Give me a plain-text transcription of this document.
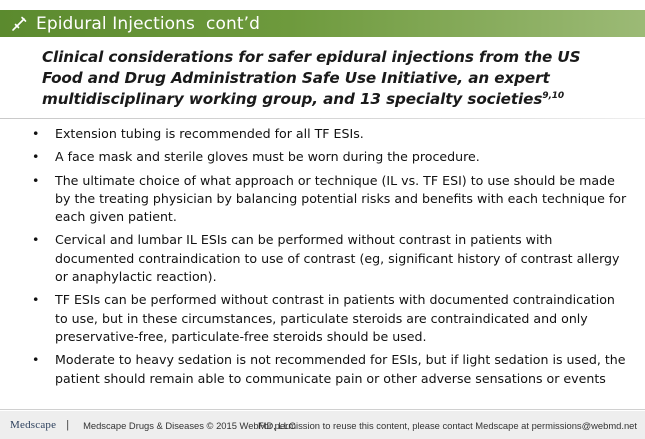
Epidural Injections  cont’d
Clinical considerations for safer epidural injections from the US Food and Drug Administration Safe Use Initiative, an expert multidisciplinary working group, and 13 specialty societies$^{9,10}$
• Extension tubing is recommended for all TF ESIs.
• A face mask and sterile gloves must be worn during the procedure.
• The ultimate choice of what approach or technique (IL vs. TF ESI) to use should be made by the treating physician by balancing potential risks and benefits with each technique for each given patient.
• Cervical and lumbar IL ESIs can be performed without contrast in patients with documented contraindication to use of contrast (eg, significant history of contrast allergy or anaphylactic reaction).
• TF ESIs can be performed without contrast in patients with documented contraindication to use, but in these circumstances, particulate steroids are contraindicated and only preservative-free, particulate-free steroids should be used.
• Moderate to heavy sedation is not recommended for ESIs, but if light sedation is used, the patient should remain able to communicate pain or other adverse sensations or events
Medscape | Medscape Drugs & Diseases © 2015 WebMD, LLC
For permission to reuse this content, please contact Medscape at permissions@webmd.net
